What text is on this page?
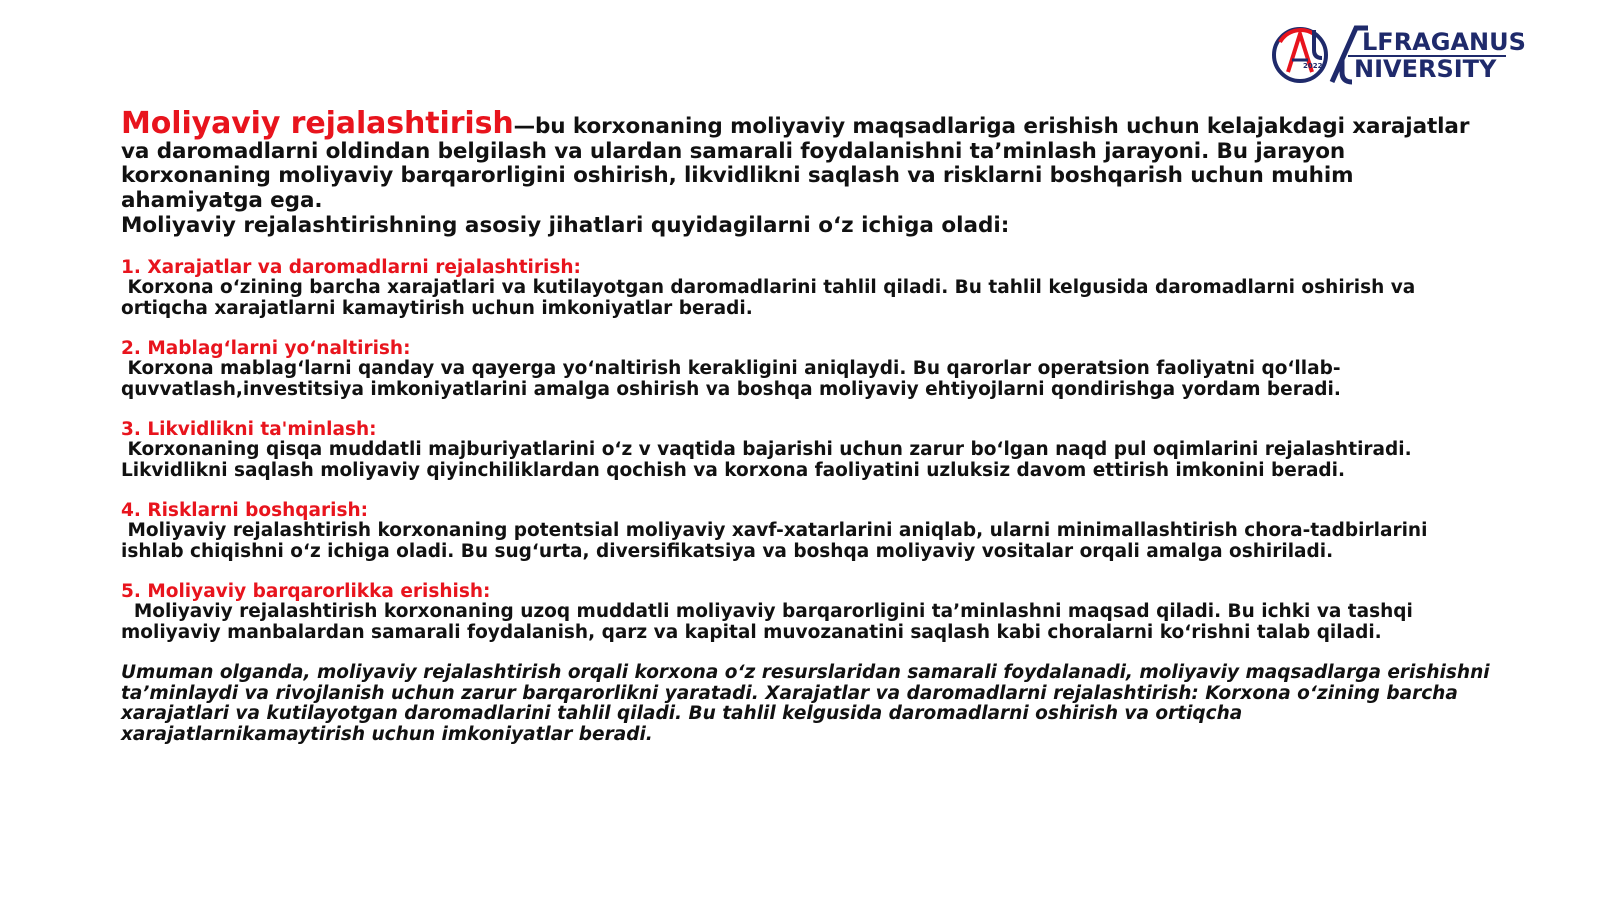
2022
LFRAGANUS
NIVERSITY

Moliyaviy rejalashtirish—bu korxonaning moliyaviy maqsadlariga erishish uchun kelajakdagi xarajatlar va daromadlarni oldindan belgilash va ulardan samarali foydalanishni ta’minlash jarayoni. Bu jarayon korxonaning moliyaviy barqarorligini oshirish, likvidlikni saqlash va risklarni boshqarish uchun muhim ahamiyatga ega.

Moliyaviy rejalashtirishning asosiy jihatlari quyidagilarni o‘z ichiga oladi:

1. Xarajatlar va daromadlarni rejalashtirish:

Korxona o‘zining barcha xarajatlari va kutilayotgan daromadlarini tahlil qiladi. Bu tahlil kelgusida daromadlarni oshirish va ortiqcha xarajatlarni kamaytirish uchun imkoniyatlar beradi.

2. Mablag‘larni yo‘naltirish:

Korxona mablag‘larni qanday va qayerga yo‘naltirish kerakligini aniqlaydi. Bu qarorlar operatsion faoliyatni qo‘llab-quvvatlash,investitsiya imkoniyatlarini amalga oshirish va boshqa moliyaviy ehtiyojlarni qondirishga yordam beradi.

3. Likvidlikni ta'minlash:

Korxonaning qisqa muddatli majburiyatlarini o‘z v vaqtida bajarishi uchun zarur bo‘lgan naqd pul oqimlarini rejalashtiradi. Likvidlikni saqlash moliyaviy qiyinchiliklardan qochish va korxona faoliyatini uzluksiz davom ettirish imkonini beradi.

4. Risklarni boshqarish:

Moliyaviy rejalashtirish korxonaning potentsial moliyaviy xavf-xatarlarini aniqlab, ularni minimallashtirish chora-tadbirlarini ishlab chiqishni o‘z ichiga oladi. Bu sug‘urta, diversifikatsiya va boshqa moliyaviy vositalar orqali amalga oshiriladi.

5. Moliyaviy barqarorlikka erishish:

Moliyaviy rejalashtirish korxonaning uzoq muddatli moliyaviy barqarorligini ta’minlashni maqsad qiladi. Bu ichki va tashqi moliyaviy manbalardan samarali foydalanish, qarz va kapital muvozanatini saqlash kabi choralarni ko‘rishni talab qiladi.

Umuman olganda, moliyaviy rejalashtirish orqali korxona o‘z resurslaridan samarali foydalanadi, moliyaviy maqsadlarga erishishni ta’minlaydi va rivojlanish uchun zarur barqarorlikni yaratadi. Xarajatlar va daromadlarni rejalashtirish: Korxona o‘zining barcha xarajatlari va kutilayotgan daromadlarini tahlil qiladi. Bu tahlil kelgusida daromadlarni oshirish va ortiqcha xarajatlarnikamaytirish uchun imkoniyatlar beradi.
